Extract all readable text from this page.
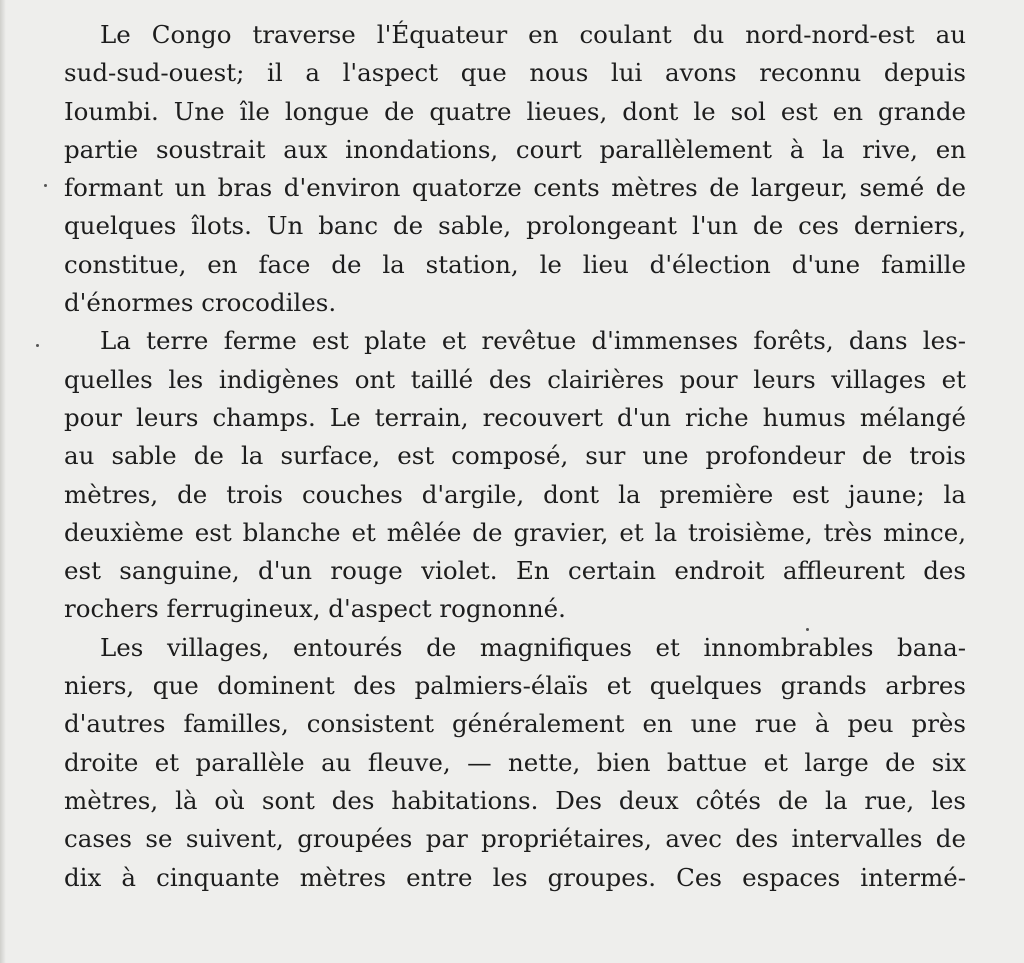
Le Congo traverse l'Équateur en coulant du nord-nord-est au
sud-sud-ouest; il a l'aspect que nous lui avons reconnu depuis
Ioumbi. Une île longue de quatre lieues, dont le sol est en grande
partie soustrait aux inondations, court parallèlement à la rive, en
formant un bras d'environ quatorze cents mètres de largeur, semé de
quelques îlots. Un banc de sable, prolongeant l'un de ces derniers,
constitue, en face de la station, le lieu d'élection d'une famille
d'énormes crocodiles.
La terre ferme est plate et revêtue d'immenses forêts, dans les-
quelles les indigènes ont taillé des clairières pour leurs villages et
pour leurs champs. Le terrain, recouvert d'un riche humus mélangé
au sable de la surface, est composé, sur une profondeur de trois
mètres, de trois couches d'argile, dont la première est jaune; la
deuxième est blanche et mêlée de gravier, et la troisième, très mince,
est sanguine, d'un rouge violet. En certain endroit affleurent des
rochers ferrugineux, d'aspect rognonné.
Les villages, entourés de magnifiques et innombrables bana-
niers, que dominent des palmiers-élaïs et quelques grands arbres
d'autres familles, consistent généralement en une rue à peu près
droite et parallèle au fleuve, — nette, bien battue et large de six
mètres, là où sont des habitations. Des deux côtés de la rue, les
cases se suivent, groupées par propriétaires, avec des intervalles de
dix à cinquante mètres entre les groupes. Ces espaces intermé-
